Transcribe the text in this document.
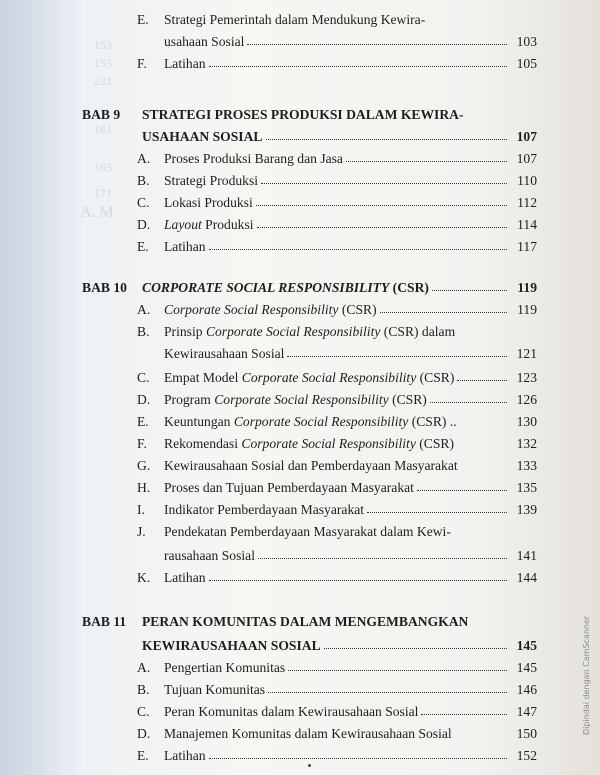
153
153
221
161
163
171
A. M
E. Strategi Pemerintah dalam Mendukung Kewira-
usahaan Sosial	103
F. Latihan	105
BAB 9 STRATEGI PROSES PRODUKSI DALAM KEWIRA-
USAHAAN SOSIAL	107
A. Proses Produksi Barang dan Jasa	107
B. Strategi Produksi	110
C. Lokasi Produksi	112
D. Layout Produksi	114
E. Latihan	117
BAB 10 CORPORATE SOCIAL RESPONSIBILITY (CSR)	119
A. Corporate Social Responsibility (CSR)	119
B. Prinsip Corporate Social Responsibility (CSR) dalam
Kewirausahaan Sosial	121
C. Empat Model Corporate Social Responsibility (CSR)	123
D. Program Corporate Social Responsibility (CSR)	126
E. Keuntungan Corporate Social Responsibility (CSR) ..	130
F. Rekomendasi Corporate Social Responsibility (CSR)	132
G. Kewirausahaan Sosial dan Pemberdayaan Masyarakat	133
H. Proses dan Tujuan Pemberdayaan Masyarakat	135
I. Indikator Pemberdayaan Masyarakat	139
J. Pendekatan Pemberdayaan Masyarakat dalam Kewi-
rausahaan Sosial	141
K. Latihan	144
BAB 11 PERAN KOMUNITAS DALAM MENGEMBANGKAN
KEWIRAUSAHAAN SOSIAL	145
A. Pengertian Komunitas	145
B. Tujuan Komunitas	146
C. Peran Komunitas dalam Kewirausahaan Sosial	147
D. Manajemen Komunitas dalam Kewirausahaan Sosial	150
E. Latihan	152
Dipindai dengan CamScanner
